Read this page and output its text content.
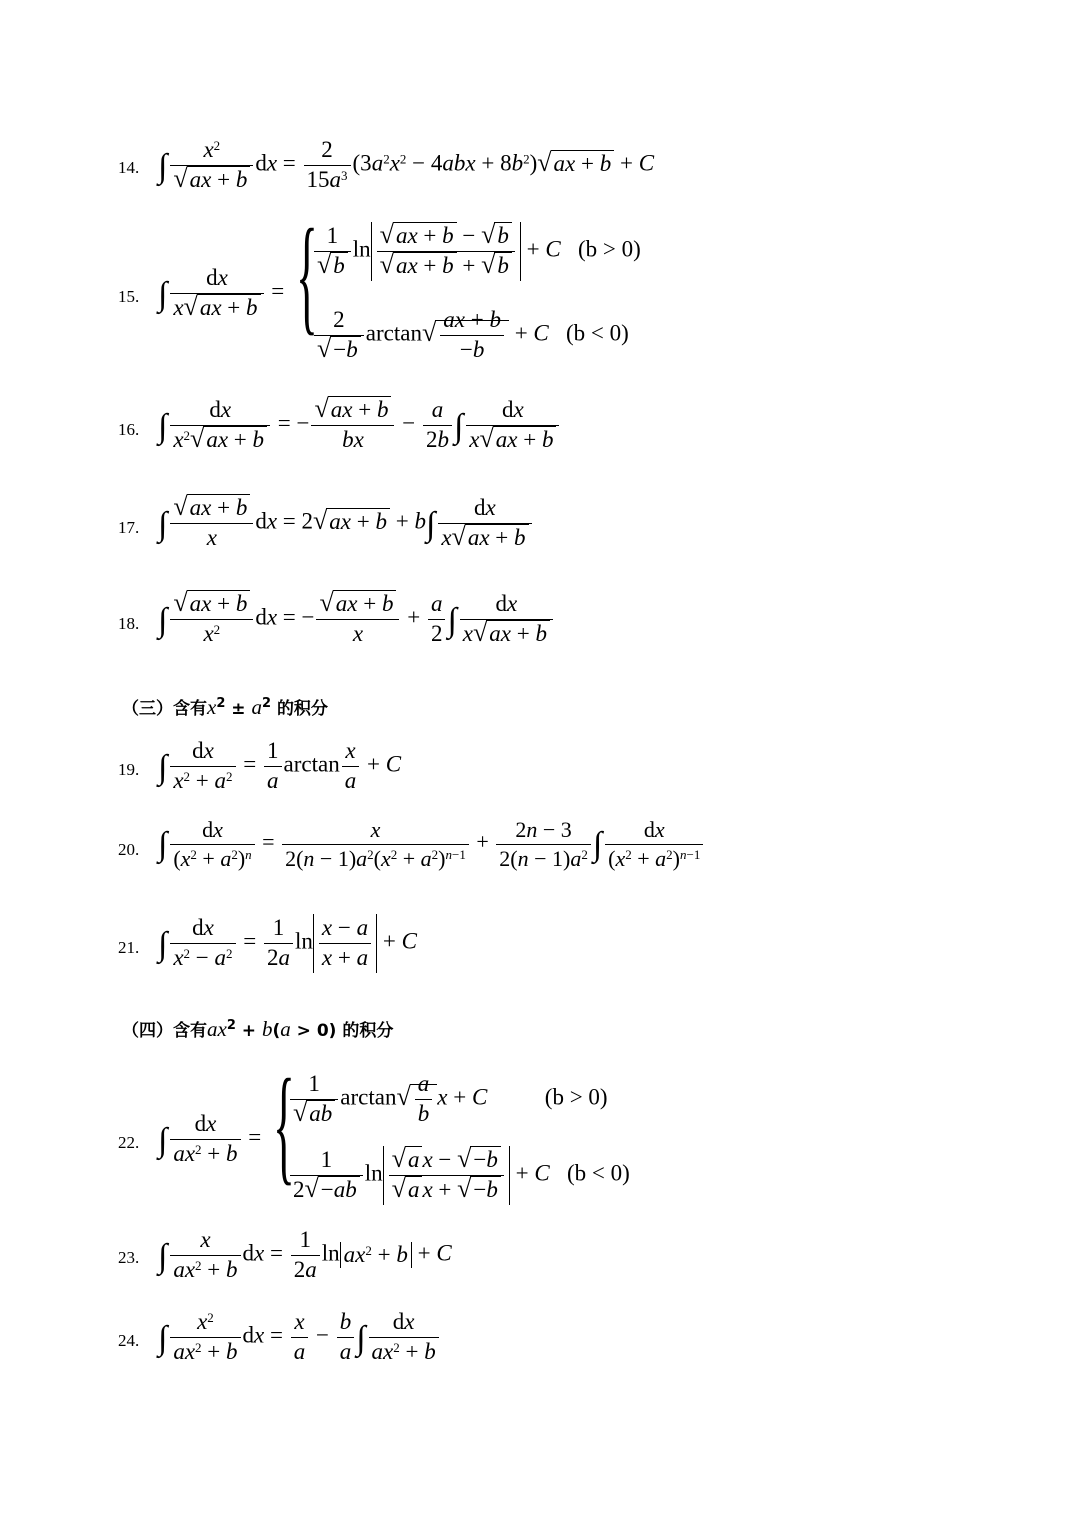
14. ∫ $\frac{x^2}{√ax + b}$ dx = $\frac{2}{15a^3} (3a^2x^2 - 4abx + 8b^2)√ax + b + C$
15. ∫ $\frac{dx}{x√ax + b}$ = {
$\frac{1}{√b}$ $\ln \frac{√ax + b - √b}{√ax + b + √b} + C$ (b > 0)
$\frac{2}{√-b} \arctan√ \frac{ax + b}{-b} + C$ (b < 0)
16. ∫ $\frac{dx}{x^2√ax + b}$ = − $\frac{√ax + b}{bx} - \frac{a}{2b}$ ∫ $\frac{dx}{x√ax + b}$
17. ∫ $\frac{√ax + b}{x}$ dx = $2√ax + b + b\int \frac{dx}{x√ax + b}$
18. ∫ $\frac{√ax + b}{x^2}$ dx = − $\frac{√ax + b}{x} + \frac{a}{2}$ ∫ $\frac{dx}{x√ax + b}$
（三）含有$x^2 \pm a^2$ 的积分
19. ∫ $\frac{dx}{x^2 + a^2} = \frac{1}{a}$ $\arctan \frac{x}{a} + C$
20. ∫ $\frac{dx}{(x^2 + a^2)^n} = \frac{x}{2(n - 1)a^2(x^2 + a^2)^{n-1}} + \frac{2n - 3}{2(n - 1)a^2}$ ∫ $\frac{dx}{(x^2 + a^2)^{n-1}}$
21. ∫ $\frac{dx}{x^2 - a^2} = \frac{1}{2a}$ $\ln \frac{x - a}{x + a} + C$
（四）含有$ax^2 + b(a > 0)$ 的积分
22. ∫ $\frac{dx}{ax^2 + b}$ = {
$\frac{1}{√ab} \arctan√ \frac{a}{b}$ x + C	(b > 0)
$\frac{1}{2√-ab}$ $\ln \frac{\text{√a x − √−b}}{\text{√a x + √−b}} + C$ (b < 0)
23. ∫ $\frac{x}{ax^2 + b}$ dx = $\frac{1}{2a}$ $\ln ax^2 + b + C$
24. ∫ $\frac{x^2}{ax^2 + b}$ dx = $\frac{x}{a} - \frac{b}{a}$ ∫ $\frac{dx}{ax^2 + b}$
